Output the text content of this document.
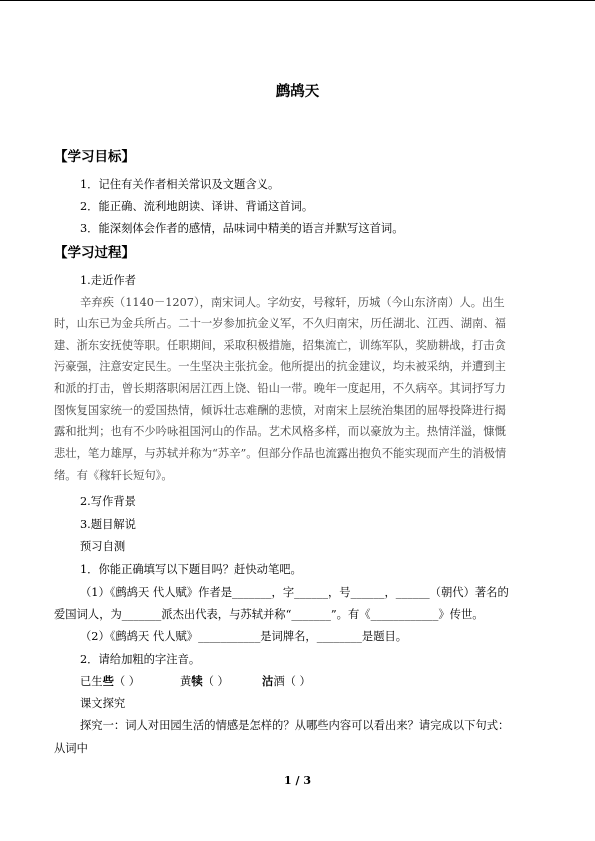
鹧鸪天
【学习目标】
1．记住有关作者相关常识及文题含义。
2．能正确、流利地朗读、译讲、背诵这首词。
3．能深刻体会作者的感情，品味词中精美的语言并默写这首词。
【学习过程】
1.走近作者
辛弃疾（1140－1207），南宋词人。字幼安，号稼轩，历城（今山东济南）人。出生
时，山东已为金兵所占。二十一岁参加抗金义军，不久归南宋，历任湖北、江西、湖南、福
建、浙东安抚使等职。任职期间，采取积极措施，招集流亡，训练军队，奖励耕战，打击贪
污豪强，注意安定民生。一生坚决主张抗金。他所提出的抗金建议，均未被采纳，并遭到主
和派的打击，曾长期落职闲居江西上饶、铅山一带。晚年一度起用，不久病卒。其词抒写力
图恢复国家统一的爱国热情，倾诉壮志难酬的悲愤，对南宋上层统治集团的屈辱投降进行揭
露和批判；也有不少吟咏祖国河山的作品。艺术风格多样，而以豪放为主。热情洋溢，慷慨
悲壮，笔力雄厚，与苏轼并称为“苏辛”。但部分作品也流露出抱负不能实现而产生的消极情
绪。有《稼轩长短句》。
2.写作背景
3.题目解说
预习自测
1．你能正确填写以下题目吗？赶快动笔吧。
（1）《鹧鸪天 代人赋》作者是_______，字______，号______，______（朝代）著名的
爱国词人，为_______派杰出代表，与苏轼并称“_______”。有《____________》传世。
（2）《鹧鸪天 代人赋》___________是词牌名，________是题目。
2．请给加粗的字注音。
已生些（ ）	黄犊（ ）	沽酒（ ）
课文探究
探究一：词人对田园生活的情感是怎样的？从哪些内容可以看出来？请完成以下句式：
从词中
1 / 3
